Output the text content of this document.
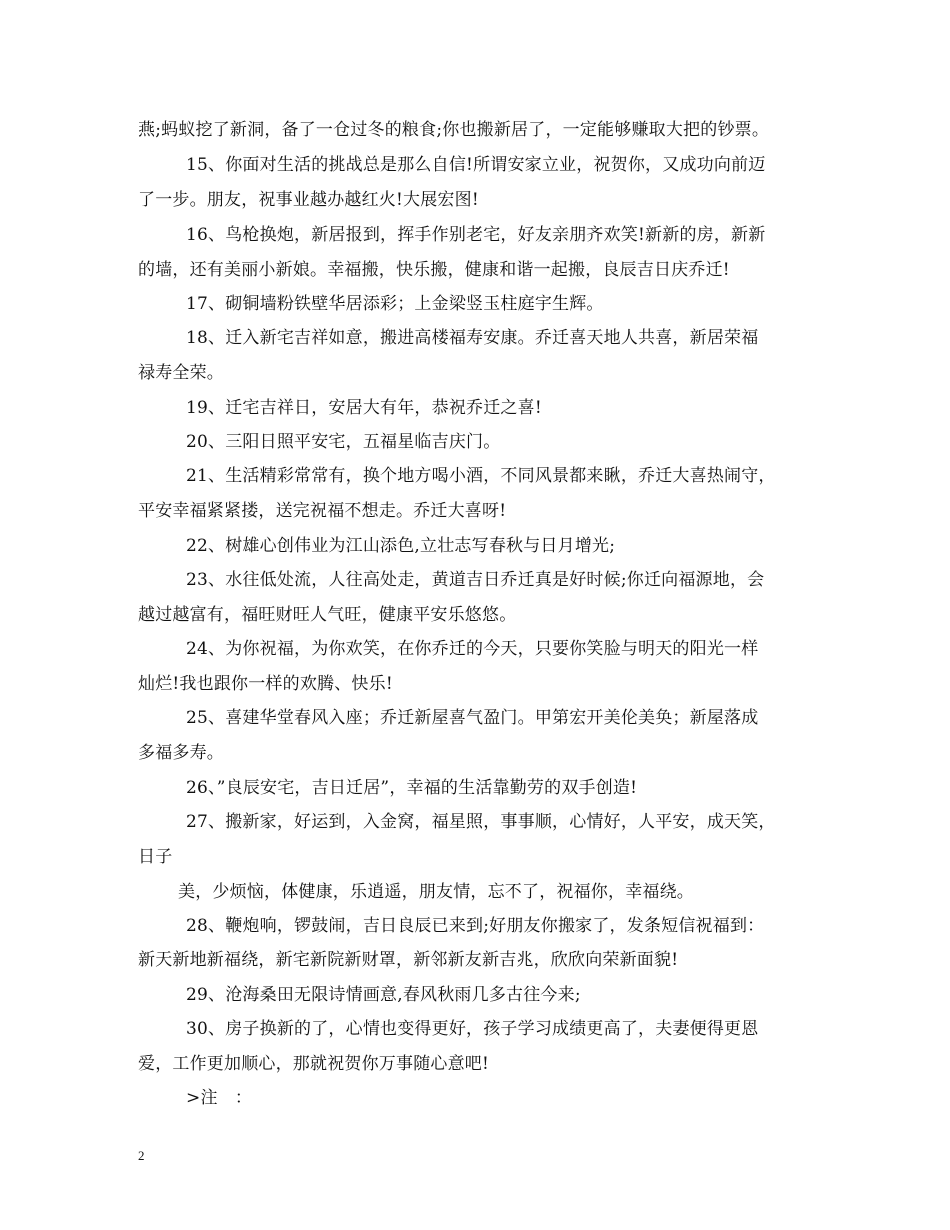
燕;蚂蚁挖了新洞，备了一仓过冬的粮食;你也搬新居了，一定能够赚取大把的钞票。
15、你面对生活的挑战总是那么自信!所谓安家立业，祝贺你，又成功向前迈
了一步。朋友，祝事业越办越红火!大展宏图!
16、鸟枪换炮，新居报到，挥手作别老宅，好友亲朋齐欢笑!新新的房，新新
的墙，还有美丽小新娘。幸福搬，快乐搬，健康和谐一起搬，良辰吉日庆乔迁!
17、砌铜墙粉铁壁华居添彩；上金梁竖玉柱庭宇生辉。
18、迁入新宅吉祥如意，搬进高楼福寿安康。乔迁喜天地人共喜，新居荣福
禄寿全荣。
19、迁宅吉祥日，安居大有年，恭祝乔迁之喜!
20、三阳日照平安宅，五福星临吉庆门。
21、生活精彩常常有，换个地方喝小酒，不同风景都来瞅，乔迁大喜热闹守，
平安幸福紧紧搂，送完祝福不想走。乔迁大喜呀!
22、树雄心创伟业为江山添色,立壮志写春秋与日月增光;
23、水往低处流，人往高处走，黄道吉日乔迁真是好时候;你迁向福源地，会
越过越富有，福旺财旺人气旺，健康平安乐悠悠。
24、为你祝福，为你欢笑，在你乔迁的今天，只要你笑脸与明天的阳光一样
灿烂!我也跟你一样的欢腾、快乐!
25、喜建华堂春风入座；乔迁新屋喜气盈门。甲第宏开美伦美奂；新屋落成
多福多寿。
26、”良辰安宅，吉日迁居”，幸福的生活靠勤劳的双手创造!
27、搬新家，好运到，入金窝，福星照，事事顺，心情好，人平安，成天笑，
日子
美，少烦恼，体健康，乐逍遥，朋友情，忘不了，祝福你，幸福绕。
28、鞭炮响，锣鼓闹，吉日良辰已来到;好朋友你搬家了，发条短信祝福到：
新天新地新福绕，新宅新院新财罩，新邻新友新吉兆，欣欣向荣新面貌!
29、沧海桑田无限诗情画意,春风秋雨几多古往今来;
30、房子换新的了，心情也变得更好，孩子学习成绩更高了，夫妻便得更恩
爱，工作更加顺心，那就祝贺你万事随心意吧!
>注　：
2
